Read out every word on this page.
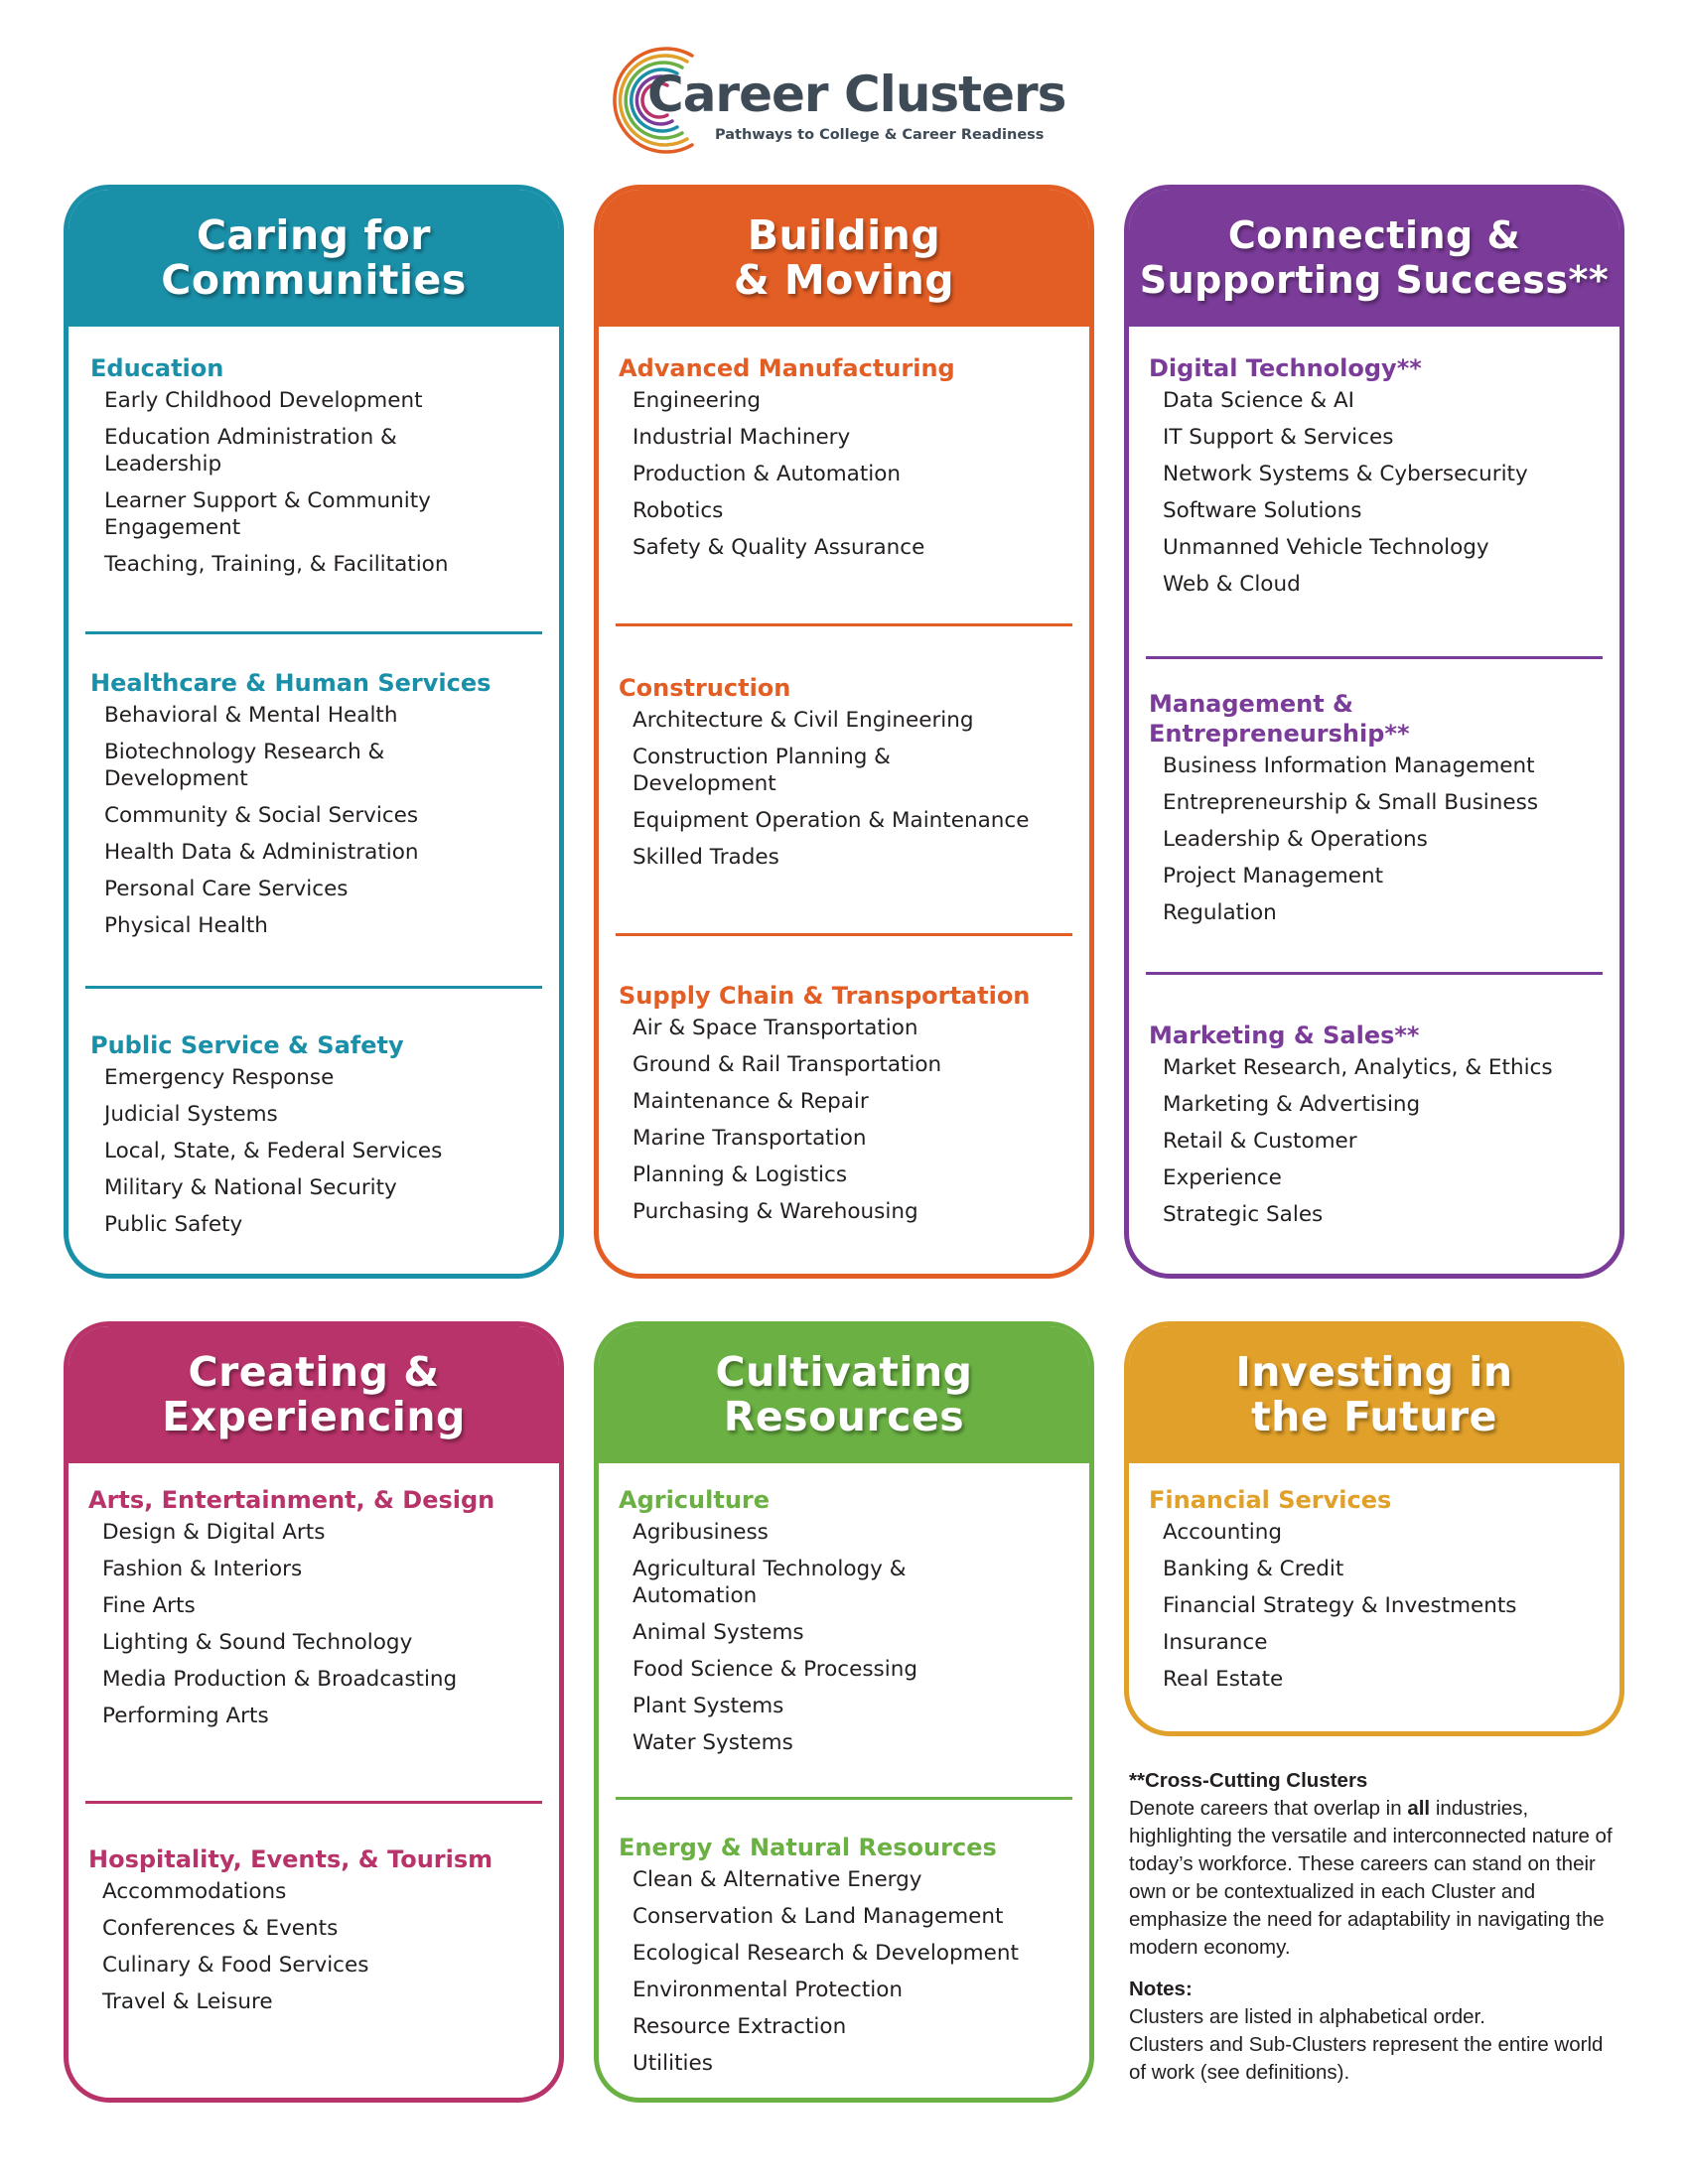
Career Clusters
Pathways to College & Career Readiness
Caring for
Communities
Education
Early Childhood Development
Education Administration &
Leadership
Learner Support & Community
Engagement
Teaching, Training, & Facilitation
Healthcare & Human Services
Behavioral & Mental Health
Biotechnology Research &
Development
Community & Social Services
Health Data & Administration
Personal Care Services
Physical Health
Public Service & Safety
Emergency Response
Judicial Systems
Local, State, & Federal Services
Military & National Security
Public Safety
Building
& Moving
Advanced Manufacturing
Engineering
Industrial Machinery
Production & Automation
Robotics
Safety & Quality Assurance
Construction
Architecture & Civil Engineering
Construction Planning &
Development
Equipment Operation & Maintenance
Skilled Trades
Supply Chain & Transportation
Air & Space Transportation
Ground & Rail Transportation
Maintenance & Repair
Marine Transportation
Planning & Logistics
Purchasing & Warehousing
Connecting &
Supporting Success**
Digital Technology**
Data Science & AI
IT Support & Services
Network Systems & Cybersecurity
Software Solutions
Unmanned Vehicle Technology
Web & Cloud
Management &
Entrepreneurship**
Business Information Management
Entrepreneurship & Small Business
Leadership & Operations
Project Management
Regulation
Marketing & Sales**
Market Research, Analytics, & Ethics
Marketing & Advertising
Retail & Customer
Experience
Strategic Sales
Creating &
Experiencing
Arts, Entertainment, & Design
Design & Digital Arts
Fashion & Interiors
Fine Arts
Lighting & Sound Technology
Media Production & Broadcasting
Performing Arts
Hospitality, Events, & Tourism
Accommodations
Conferences & Events
Culinary & Food Services
Travel & Leisure
Cultivating
Resources
Agriculture
Agribusiness
Agricultural Technology &
Automation
Animal Systems
Food Science & Processing
Plant Systems
Water Systems
Energy & Natural Resources
Clean & Alternative Energy
Conservation & Land Management
Ecological Research & Development
Environmental Protection
Resource Extraction
Utilities
Investing in
the Future
Financial Services
Accounting
Banking & Credit
Financial Strategy & Investments
Insurance
Real Estate
**Cross-Cutting Clusters
Denote careers that overlap in all industries, highlighting the versatile and interconnected nature of today’s workforce. These careers can stand on their own or be contextualized in each Cluster and emphasize the need for adaptability in navigating the modern economy.
Notes:
Clusters are listed in alphabetical order.
Clusters and Sub-Clusters represent the entire world of work (see definitions).
